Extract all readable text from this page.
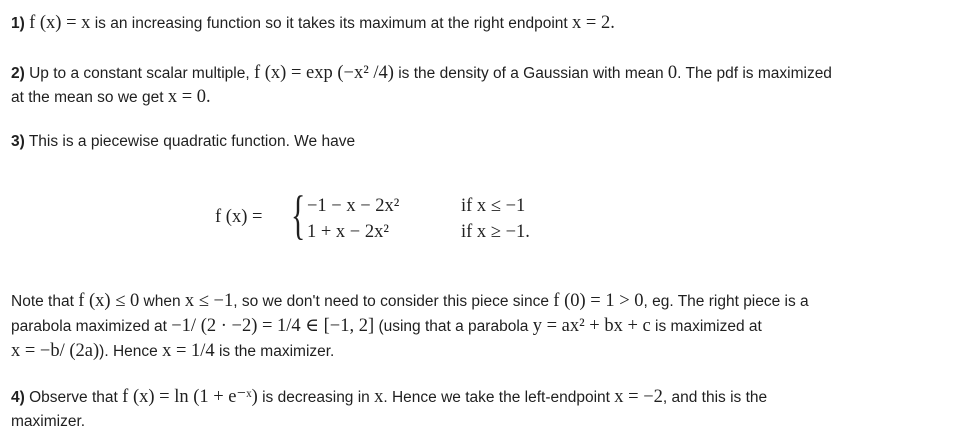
1) f (x) = x is an increasing function so it takes its maximum at the right endpoint x = 2.
2) Up to a constant scalar multiple, f (x) = exp (−x² /4) is the density of a Gaussian with mean 0. The pdf is maximized
at the mean so we get x = 0.
3) This is a piecewise quadratic function. We have
f (x) = { −1 − x − 2x²	if x ≤ −1
1 + x − 2x²	if x ≥ −1.
Note that f (x) ≤ 0 when x ≤ −1, so we don't need to consider this piece since f (0) = 1 > 0, eg. The right piece is a
parabola maximized at −1/ (2 · −2) = 1/4 ∈ [−1, 2] (using that a parabola y = ax² + bx + c is maximized at
x = −b/ (2a)). Hence x = 1/4 is the maximizer.
4) Observe that f (x) = ln (1 + e⁻ˣ) is decreasing in x. Hence we take the left-endpoint x = −2, and this is the
maximizer.
